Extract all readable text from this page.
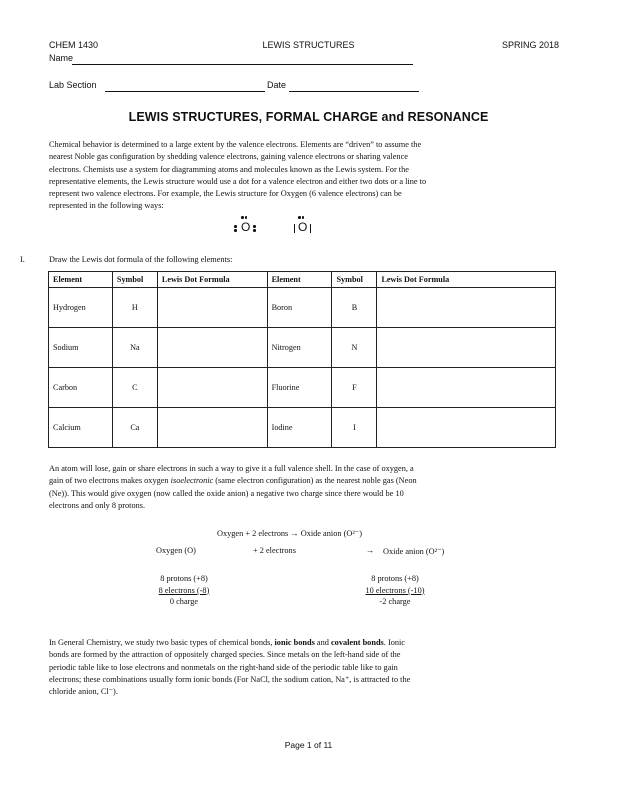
CHEM 1430	LEWIS STRUCTURES	SPRING 2018
Name
Lab Section	Date
LEWIS STRUCTURES, FORMAL CHARGE and RESONANCE
Chemical behavior is determined to a large extent by the valence electrons. Elements are “driven” to assume the
nearest Noble gas configuration by shedding valence electrons, gaining valence electrons or sharing valence
electrons. Chemists use a system for diagramming atoms and molecules known as the Lewis system. For the
representative elements, the Lewis structure would use a dot for a valence electron and either two dots or a line to
represent two valence electrons. For example, the Lewis structure for Oxygen (6 valence electrons) can be
represented in the following ways:
O	O
I.	Draw the Lewis dot formula of the following elements:
Element	Symbol	Lewis Dot Formula	Element	Symbol	Lewis Dot Formula
Hydrogen	H		Boron	B	
Sodium	Na		Nitrogen	N	
Carbon	C		Fluorine	F	
Calcium	Ca		Iodine	I	
An atom will lose, gain or share electrons in such a way to give it a full valence shell. In the case of oxygen, a
gain of two electrons makes oxygen isoelectronic (same electron configuration) as the nearest noble gas (Neon
(Ne)). This would give oxygen (now called the oxide anion) a negative two charge since there would be 10
electrons and only 8 protons.
Oxygen + 2 electrons → Oxide anion (O²⁻)
Oxygen (O)	+ 2 electrons	→ Oxide anion (O²⁻)
8 protons (+8)
8 electrons (-8)
0 charge
8 protons (+8)
10 electrons (-10)
-2 charge
In General Chemistry, we study two basic types of chemical bonds, ionic bonds and covalent bonds. Ionic
bonds are formed by the attraction of oppositely charged species. Since metals on the left-hand side of the
periodic table like to lose electrons and nonmetals on the right-hand side of the periodic table like to gain
electrons; these combinations usually form ionic bonds (For NaCl, the sodium cation, Na⁺, is attracted to the
chloride anion, Cl⁻).
Page 1 of 11
